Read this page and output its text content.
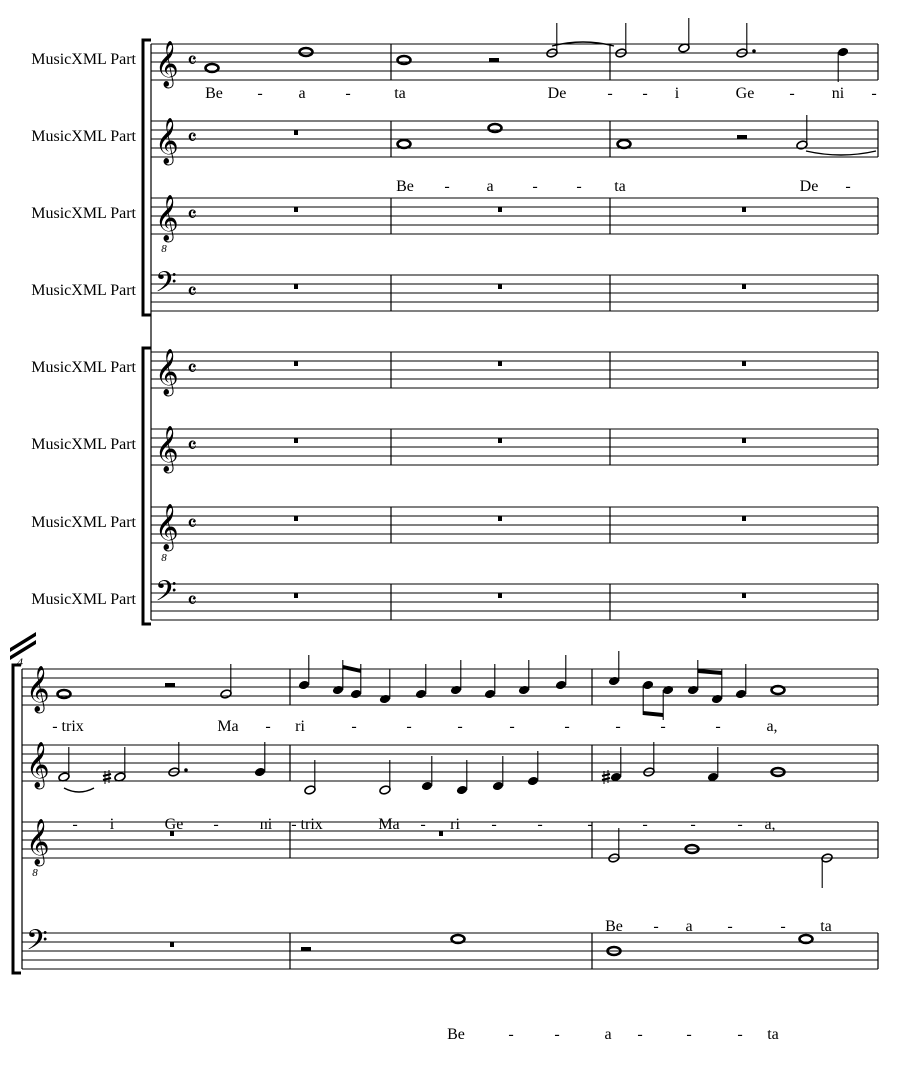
𝄞 𝄴
MusicXML Part
𝄞 𝄴
MusicXML Part
𝄞
8
𝄴
MusicXML Part
𝄢 𝄴
MusicXML Part
𝄞 𝄴
MusicXML Part
𝄞 𝄴
MusicXML Part
𝄞
8
𝄴
MusicXML Part
𝄢 𝄴
MusicXML Part
𝄞
𝄞
𝄞
8
𝄢
4
Be - a -	ta	De	- - i	Ge - ni -
Be - a - - ta	De -
- trix	Ma - ri	-	-	-	-	-	- -	-	a,
- i	Ge -	ni - trix	Ma - ri -	-	-	-	-	- a,
Be - a -	- ta
Be	-	-	a -	-	- ta
